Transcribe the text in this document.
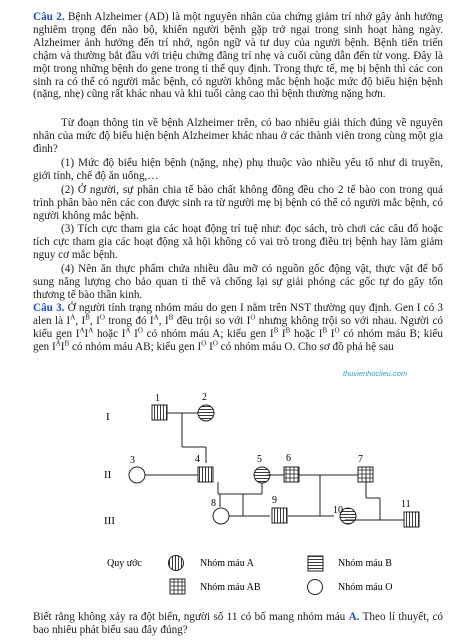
Câu 2. Bệnh Alzheimer (AD) là một nguyên nhân của chứng giảm trí nhớ gây ảnh hưởng nghiêm trọng đến não bộ, khiến người bệnh gặp trở ngại trong sinh hoạt hàng ngày. Alzheimer ảnh hưởng đến trí nhớ, ngôn ngữ và tư duy của người bệnh. Bệnh tiến triển chậm và thường bắt đầu với triệu chứng đãng trí nhẹ và cuối cùng dẫn đến từ vong. Đây là một trong những bệnh do gene trong tỉ thể quy định. Trong thực tế, mẹ bị bệnh thì các con sinh ra có thể có người mắc bệnh, có người không mắc bệnh hoặc mức độ biểu hiện bệnh (nặng, nhẹ) cũng rất khác nhau và khi tuổi càng cao thì bệnh thường nặng hơn.

Từ đoạn thông tin về bệnh Alzheimer trên, có bao nhiêu giải thích đúng về nguyên nhân của mức độ biểu hiện bệnh Alzheimer khác nhau ở các thành viên trong cùng một gia đình?

(1) Mức độ biểu hiện bệnh (nặng, nhẹ) phụ thuộc vào nhiều yếu tố như di truyền, giới tính, chế độ ăn uống,…

(2) Ở người, sự phân chia tế bào chất không đồng đều cho 2 tế bào con trong quá trình phân bào nên các con được sinh ra từ người mẹ bị bệnh có thể có người mắc bệnh, có người không mắc bệnh.

(3) Tích cực tham gia các hoạt động trí tuệ như: đọc sách, trò chơi các câu đố hoặc tích cực tham gia các hoạt động xã hội không có vai trò trong điều trị bệnh hay làm giảm nguy cơ mắc bệnh.

(4) Nên ăn thực phẩm chứa nhiều dầu mỡ có nguồn gốc động vật, thực vật để bổ sung năng lượng cho bảo quan tỉ thể và chống lại sự giải phóng các gốc tự do gây tổn thương tế bào thần kinh.

Câu 3. Ở người tính trạng nhóm máu do gen I nằm trên NST thường quy định. Gen I có 3 alen là $I^A$, $I^B$, $I^O$ trong đó $I^A$, $I^B$ đều trội so với $I^O$ nhưng không trội so với nhau. Người có kiểu gen $I^AI^A$ hoặc $I^A$ $I^O$ có nhóm máu A; kiểu gen $I^B$ $I^B$ hoặc $I^B$ $I^O$ có nhóm máu B; kiểu gen $I^AI^B$ có nhóm máu AB; kiểu gen $I^O$ $I^O$ có nhóm máu O. Cho sơ đồ phả hệ sau

thuvienhoclieu.com
I
II
III
1	2
3	4	5 6	7
8	9
10
11
Quy ước	Nhóm máu A	Nhóm máu B
Nhóm máu AB	Nhóm máu O

Biết rằng không xảy ra đột biến, người số 11 có bố mang nhóm máu A. Theo lí thuyết, có bao nhiêu phát biểu sau đây đúng?
